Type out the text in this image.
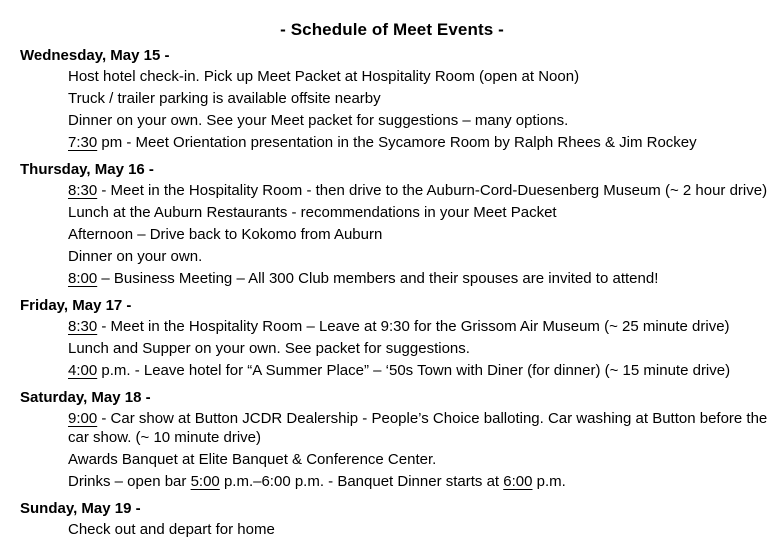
- Schedule of Meet Events -
Wednesday, May 15 -

Host hotel check-in. Pick up Meet Packet at Hospitality Room (open at Noon)

Truck / trailer parking is available offsite nearby

Dinner on your own. See your Meet packet for suggestions – many options.

7:30 pm - Meet Orientation presentation in the Sycamore Room by Ralph Rhees & Jim Rockey

Thursday, May 16 -

8:30 - Meet in the Hospitality Room - then drive to the Auburn-Cord-Duesenberg Museum (~ 2 hour drive)

Lunch at the Auburn Restaurants - recommendations in your Meet Packet

Afternoon – Drive back to Kokomo from Auburn

Dinner on your own.

8:00 – Business Meeting – All 300 Club members and their spouses are invited to attend!

Friday, May 17 -

8:30 - Meet in the Hospitality Room – Leave at 9:30 for the Grissom Air Museum (~ 25 minute drive)

Lunch and Supper on your own. See packet for suggestions.

4:00 p.m. - Leave hotel for “A Summer Place” – ‘50s Town with Diner (for dinner) (~ 15 minute drive)

Saturday, May 18 -

9:00 - Car show at Button JCDR Dealership - People’s Choice balloting. Car washing at Button before the
car show. (~ 10 minute drive)

Awards Banquet at Elite Banquet & Conference Center.

Drinks – open bar 5:00 p.m.–6:00 p.m. - Banquet Dinner starts at 6:00 p.m.

Sunday, May 19 -

Check out and depart for home
